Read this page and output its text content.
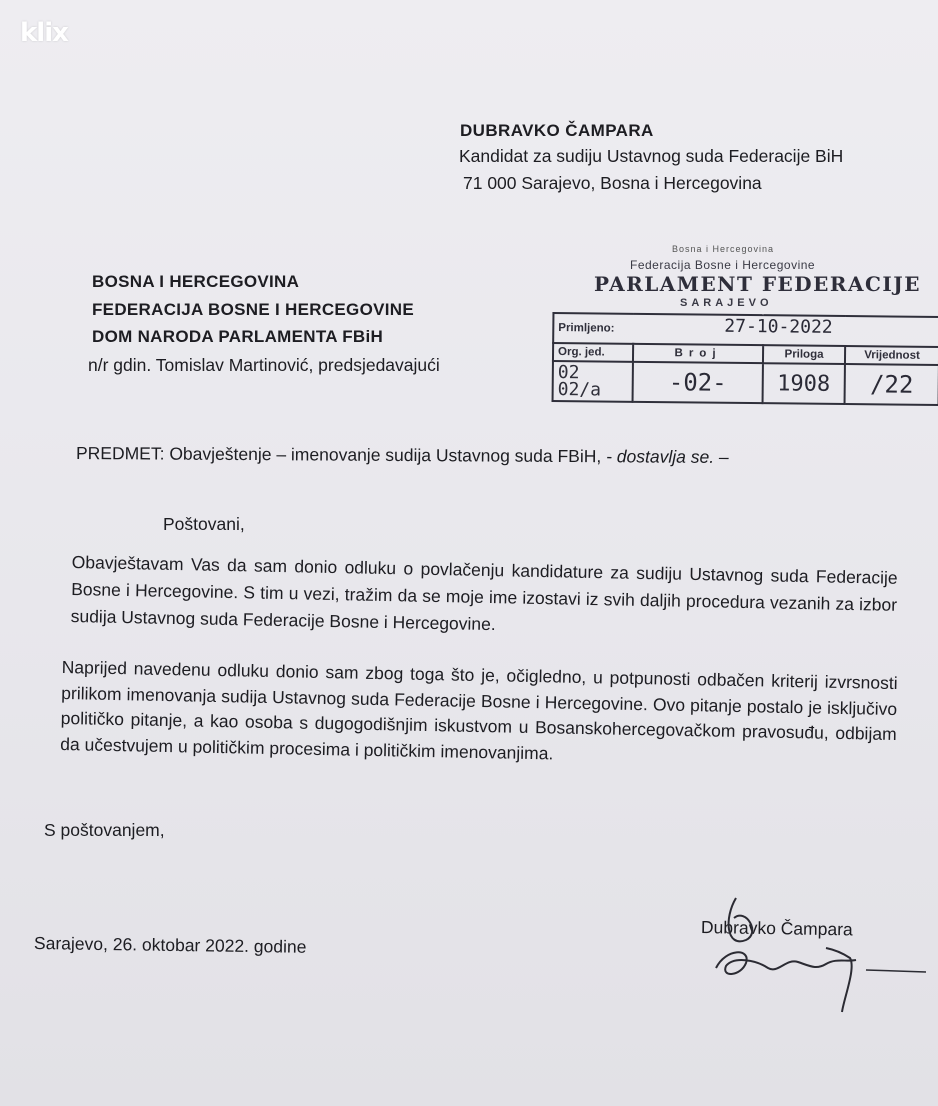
klix
DUBRAVKO ČAMPARA
Kandidat za sudiju Ustavnog suda Federacije BiH
71 000 Sarajevo, Bosna i Hercegovina
BOSNA I HERCEGOVINA
FEDERACIJA BOSNE I HERCEGOVINE
DOM NARODA PARLAMENTA FBiH
n/r gdin. Tomislav Martinović, predsjedavajući
Bosna i Hercegovina
Federacija Bosne i Hercegovine
PARLAMENT FEDERACIJE
SARAJEVO
Primljeno: 27-10-2022			

Org. jed.	Broj	Priloga	Vrijednost
02 02/a	-02-	1908	/22
PREDMET: Obavještenje – imenovanje sudija Ustavnog suda FBiH, - dostavlja se. –
Poštovani,
Obavještavam Vas da sam donio odluku o povlačenju kandidature za sudiju Ustavnog suda Federacije Bosne i Hercegovine. S tim u vezi, tražim da se moje ime izostavi iz svih daljih procedura vezanih za izbor sudija Ustavnog suda Federacije Bosne i Hercegovine.
Naprijed navedenu odluku donio sam zbog toga što je, očigledno, u potpunosti odbačen kriterij izvrsnosti prilikom imenovanja sudija Ustavnog suda Federacije Bosne i Hercegovine. Ovo pitanje postalo je isključivo političko pitanje, a kao osoba s dugogodišnjim iskustvom u Bosanskohercegovačkom pravosuđu, odbijam da učestvujem u političkim procesima i političkim imenovanjima.
S poštovanjem,
Sarajevo, 26. oktobar 2022. godine
Dubravko Čampara
